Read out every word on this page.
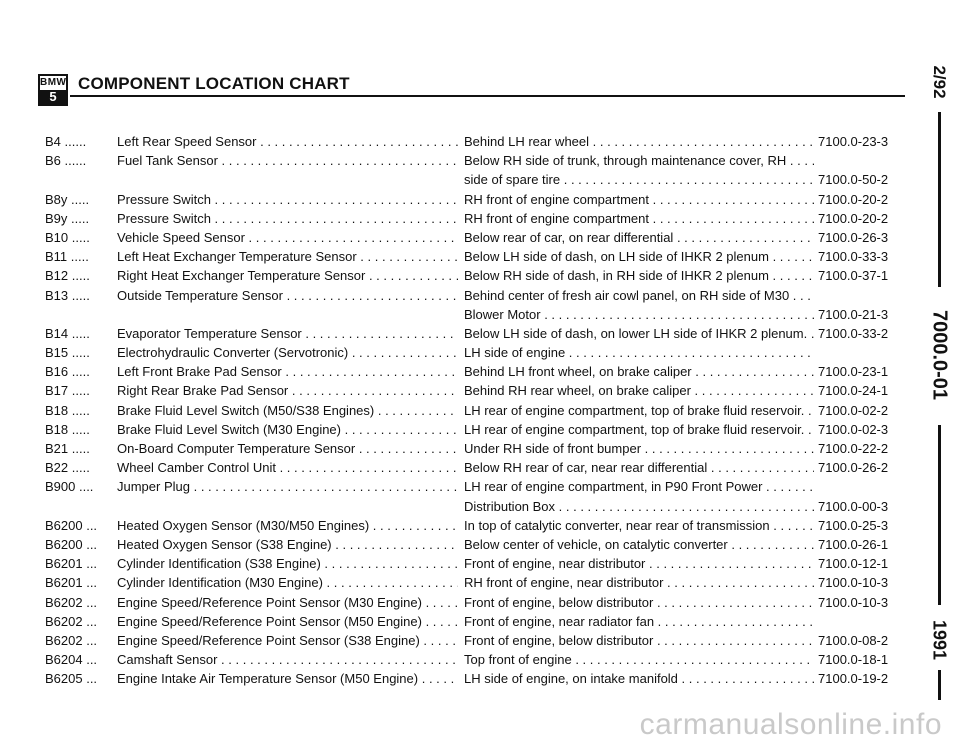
BMW
5
COMPONENT LOCATION CHART	2/92
7000.0-01
1991
B4 ......	Left Rear Speed Sensor . . .	Behind LH rear wheel . . .	7100.0-23-3
B6 ......	Fuel Tank Sensor . . .	Below RH side of trunk, through maintenance cover, RH . . .
side of spare tire . . .	7100.0-50-2
B8y .....	Pressure Switch . . .	RH front of engine compartment . . .	7100.0-20-2
B9y .....	Pressure Switch . . .	RH front of engine compartment . . .	7100.0-20-2
B10 .....	Vehicle Speed Sensor . . .	Below rear of car, on rear differential . . .	7100.0-26-3
B11 .....	Left Heat Exchanger Temperature Sensor . . .	Below LH side of dash, on LH side of IHKR 2 plenum . . .	7100.0-33-3
B12 .....	Right Heat Exchanger Temperature Sensor . . .	Below RH side of dash, in RH side of IHKR 2 plenum . . .	7100.0-37-1
B13 .....	Outside Temperature Sensor . . .	Behind center of fresh air cowl panel, on RH side of M30 . . .
Blower Motor . . .	7100.0-21-3
B14 .....	Evaporator Temperature Sensor . . .	Below LH side of dash, on lower LH side of IHKR 2 plenum. . . . 7100.0-33-2
B15 .....	Electrohydraulic Converter (Servotronic) . . .	LH side of engine . . .
B16 .....	Left Front Brake Pad Sensor . . .	Behind LH front wheel, on brake caliper . . .	7100.0-23-1
B17 .....	Right Rear Brake Pad Sensor . . .	Behind RH rear wheel, on brake caliper . . .	7100.0-24-1
B18 .....	Brake Fluid Level Switch (M50/S38 Engines) . . .	LH rear of engine compartment, top of brake fluid reservoir. . . .	7100.0-02-2
B18 .....	Brake Fluid Level Switch (M30 Engine) . . .	LH rear of engine compartment, top of brake fluid reservoir. . . .	7100.0-02-3
B21 .....	On-Board Computer Temperature Sensor . . .	Under RH side of front bumper . . .	7100.0-22-2
B22 .....	Wheel Camber Control Unit . . .	Below RH rear of car, near rear differential . . .	7100.0-26-2
B900 ....	Jumper Plug . . .	LH rear of engine compartment, in P90 Front Power . . .
Distribution Box . . .	7100.0-00-3
B6200 ...	Heated Oxygen Sensor (M30/M50 Engines) . . .	In top of catalytic converter, near rear of transmission . . .	7100.0-25-3
B6200 ...	Heated Oxygen Sensor (S38 Engine) . . .	Below center of vehicle, on catalytic converter . . .	7100.0-26-1
B6201 ...	Cylinder Identification (S38 Engine) . . .	Front of engine, near distributor . . .	7100.0-12-1
B6201 ...	Cylinder Identification (M30 Engine) . . .	RH front of engine, near distributor . . .	7100.0-10-3
B6202 ...	Engine Speed/Reference Point Sensor (M30 Engine) . . .	Front of engine, below distributor . . .	7100.0-10-3
B6202 ...	Engine Speed/Reference Point Sensor (M50 Engine) . . .	Front of engine, near radiator fan . . .
B6202 ...	Engine Speed/Reference Point Sensor (S38 Engine) . . .	Front of engine, below distributor . . .	7100.0-08-2
B6204 ...	Camshaft Sensor . . .	Top front of engine . . .	7100.0-18-1
B6205 ...	Engine Intake Air Temperature Sensor (M50 Engine) . . .	LH side of engine, on intake manifold . . .	7100.0-19-2
carmanualsonline.info
